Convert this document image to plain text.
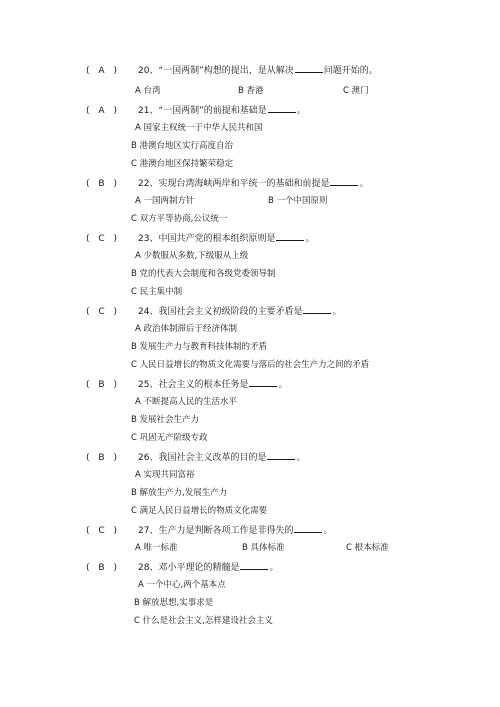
( A ) 20、“一国两制”构想的提出，是从解决	问题开始的。
A 台湾	B 香港	C 澳门
( A ) 21、“一国两制”的前提和基础是	。
A 国家主权统一于中华人民共和国
B 港澳台地区实行高度自治
C 港澳台地区保持繁荣稳定
( B ) 22、实现台湾海峡两岸和平统一的基础和前提是	。
A 一国两制方针	B 一个中国原则
C 双方平等协商,公议统一
( C ) 23、中国共产党的根本组织原则是	。
A 少数服从多数,下级服从上级
B 党的代表大会制度和各级党委领导制
C 民主集中制
( C ) 24、我国社会主义初级阶段的主要矛盾是	。
A 政治体制滞后于经济体制
B 发展生产力与教育科技体制的矛盾
C 人民日益增长的物质文化需要与落后的社会生产力之间的矛盾
( B ) 25、社会主义的根本任务是	。
A 不断提高人民的生活水平
B 发展社会生产力
C 巩固无产阶级专政
( B ) 26、我国社会主义改革的目的是	。
A 实现共同富裕
B 解放生产力,发展生产力
C 满足人民日益增长的物质文化需要
( C ) 27、生产力是判断各项工作是非得失的	。
A 唯一标准	B 具体标准	C 根本标准
( B ) 28、邓小平理论的精髓是	。
A 一个中心,两个基本点
B 解放思想,实事求是
C 什么是社会主义,怎样建设社会主义
